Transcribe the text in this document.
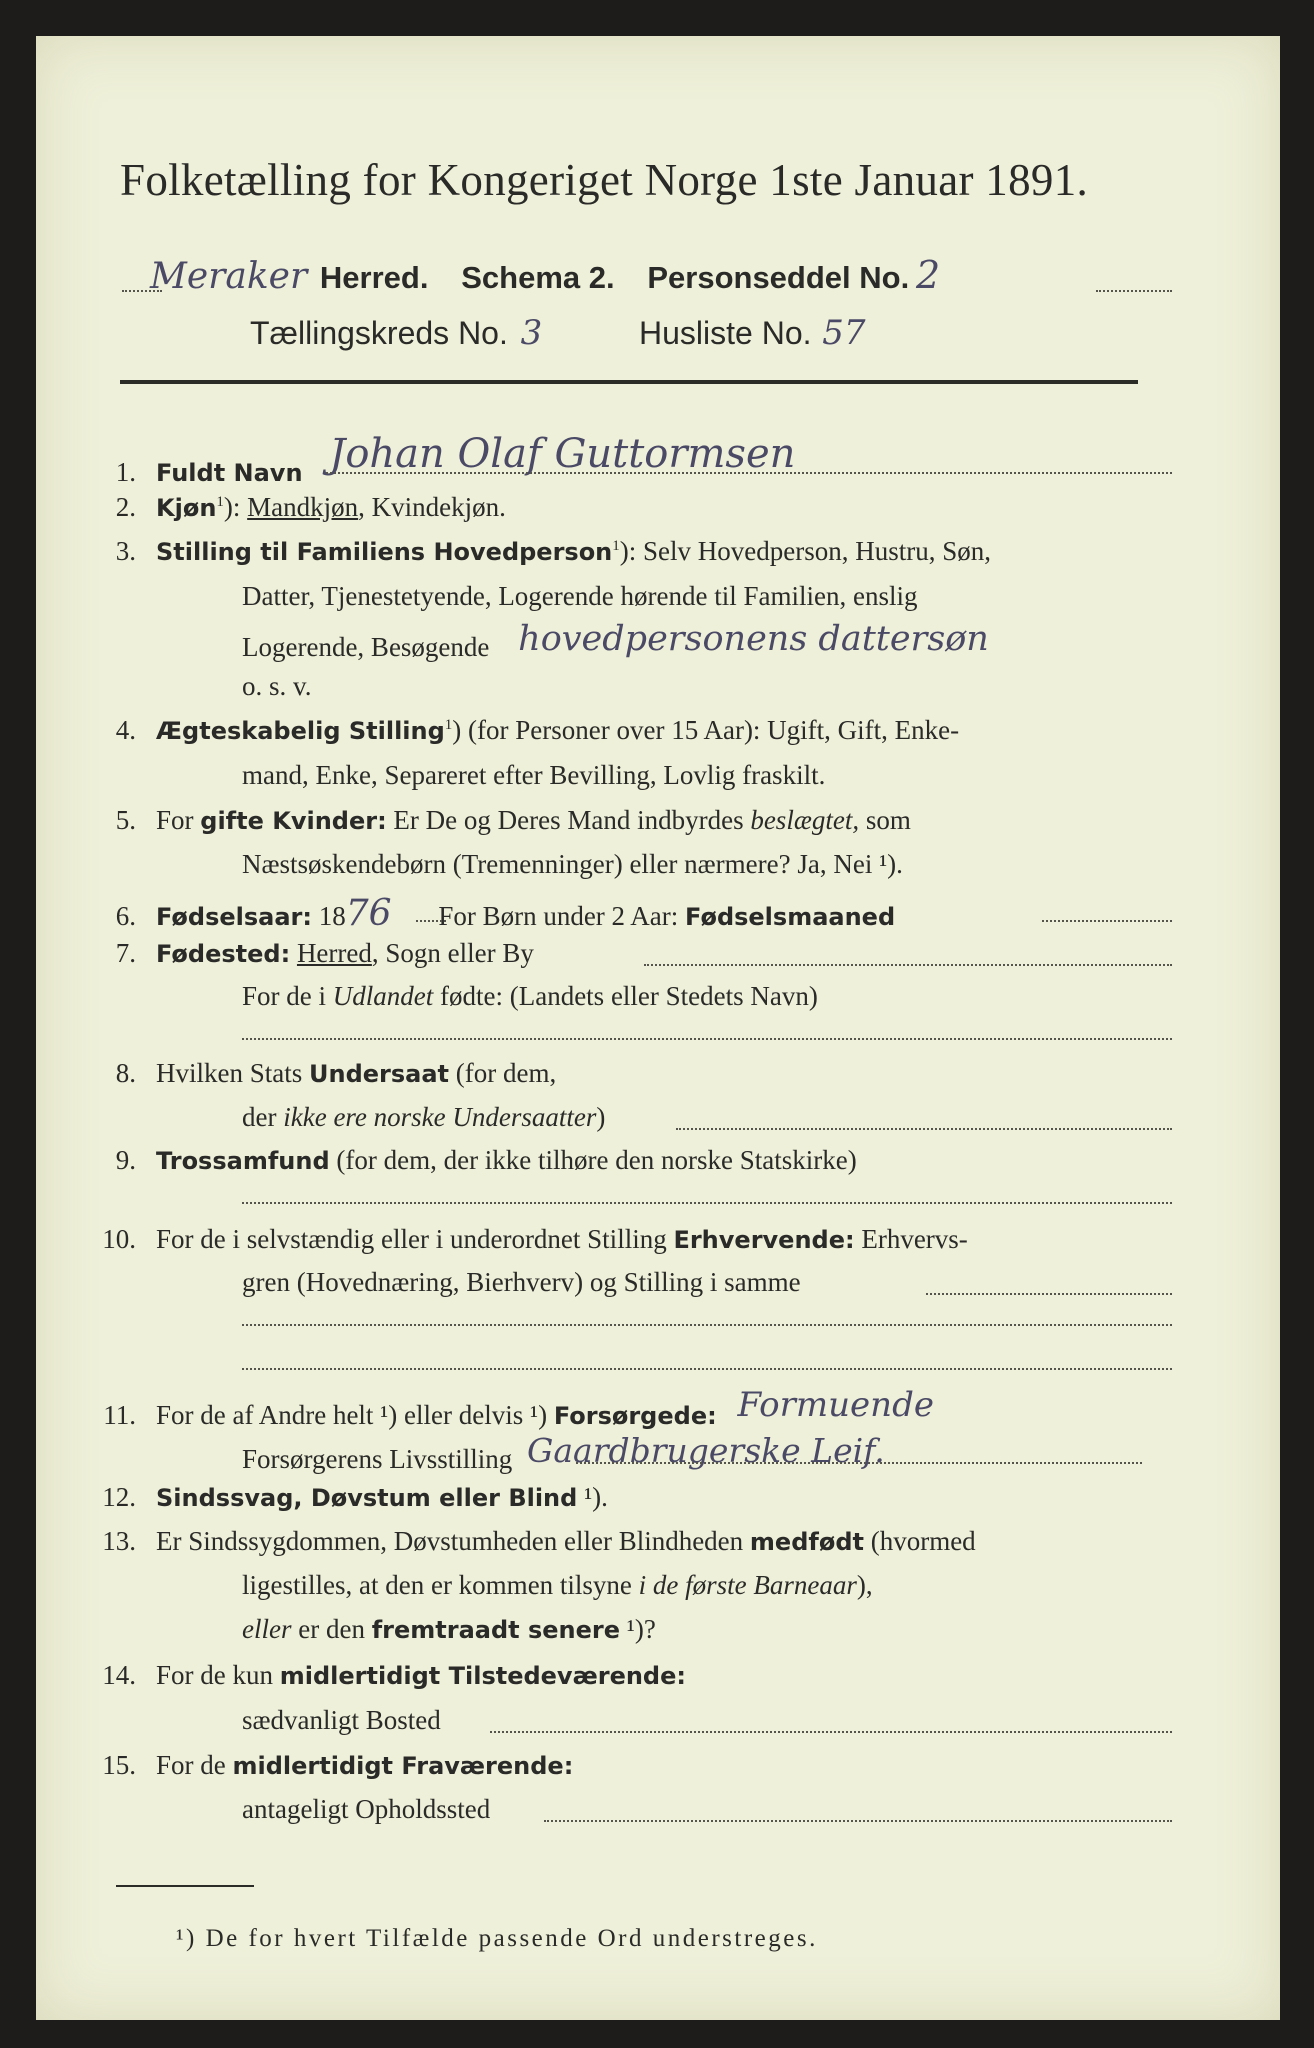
Folketælling for Kongeriget Norge 1ste Januar 1891.
Meraker Herred. Schema 2. Personseddel No. 2
Tællingskreds No. 3	Husliste No. 57
1. Fuldt Navn Johan Olaf Guttormsen
2. Kjøn$^1$): Mandkjøn, Kvindekjøn.
3. Stilling til Familiens Hovedperson$^1$): Selv Hovedperson, Hustru, Søn,
Datter, Tjenestetyende, Logerende hørende til Familien, enslig
Logerende, Besøgende hovedpersonens dattersøn
o. s. v.
4. Ægteskabelig Stilling$^1$) (for Personer over 15 Aar): Ugift, Gift, Enke-
mand, Enke, Separeret efter Bevilling, Lovlig fraskilt.
5. For gifte Kvinder: Er De og Deres Mand indbyrdes beslægtet, som
Næstsøskendebørn (Tremenninger) eller nærmere? Ja, Nei ¹).
6. Fødselsaar: 1876 For Børn under 2 Aar: Fødselsmaaned
7. Fødested: Herred, Sogn eller By
For de i Udlandet fødte: (Landets eller Stedets Navn)
8. Hvilken Stats Undersaat (for dem,
der ikke ere norske Undersaatter)
9. Trossamfund (for dem, der ikke tilhøre den norske Statskirke)
10. For de i selvstændig eller i underordnet Stilling Erhvervende: Erhvervs-
gren (Hovednæring, Bierhverv) og Stilling i samme
11. For de af Andre helt ¹) eller delvis ¹) Forsørgede: Formuende
Forsørgerens Livsstilling Gaardbrugerske Leif.
12. Sindssvag, Døvstum eller Blind ¹).
13. Er Sindssygdommen, Døvstumheden eller Blindheden medfødt (hvormed
ligestilles, at den er kommen tilsyne i de første Barneaar),
eller er den fremtraadt senere ¹)?
14. For de kun midlertidigt Tilstedeværende:
sædvanligt Bosted
15. For de midlertidigt Fraværende:
antageligt Opholdssted
¹) De for hvert Tilfælde passende Ord understreges.
